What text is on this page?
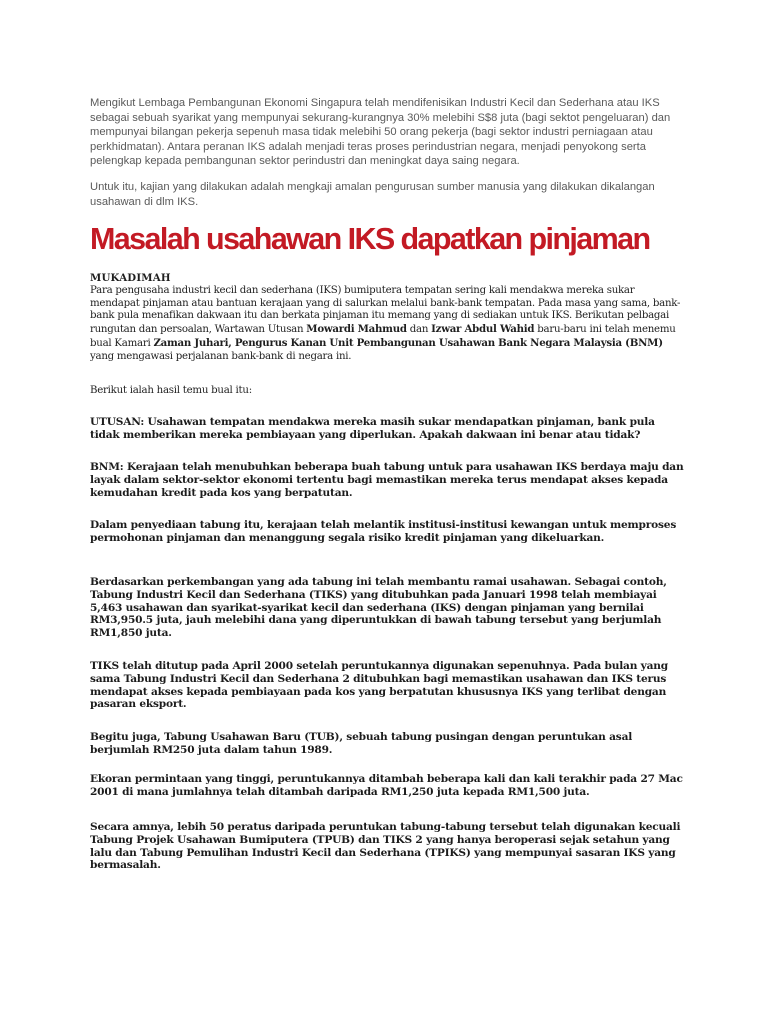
Mengikut Lembaga Pembangunan Ekonomi Singapura telah mendifenisikan Industri Kecil dan Sederhana atau IKS sebagai sebuah syarikat yang mempunyai sekurang-kurangnya 30% melebihi S$8 juta (bagi sektot pengeluaran) dan mempunyai bilangan pekerja sepenuh masa tidak melebihi 50 orang pekerja (bagi sektor industri perniagaan atau perkhidmatan). Antara peranan IKS adalah menjadi teras proses perindustrian negara, menjadi penyokong serta pelengkap kepada pembangunan sektor perindustri dan meningkat daya saing negara.

Untuk itu, kajian yang dilakukan adalah mengkaji amalan pengurusan sumber manusia yang dilakukan dikalangan usahawan di dlm IKS.

Masalah usahawan IKS dapatkan pinjaman
MUKADIMAH
Para pengusaha industri kecil dan sederhana (IKS) bumiputera tempatan sering kali mendakwa mereka sukar mendapat pinjaman atau bantuan kerajaan yang di salurkan melalui bank-bank tempatan. Pada masa yang sama, bank-bank pula menafikan dakwaan itu dan berkata pinjaman itu memang yang di sediakan untuk IKS. Berikutan pelbagai rungutan dan persoalan, Wartawan Utusan Mowardi Mahmud dan Izwar Abdul Wahid baru-baru ini telah menemu bual Kamari Zaman Juhari, Pengurus Kanan Unit Pembangunan Usahawan Bank Negara Malaysia (BNM) yang mengawasi perjalanan bank-bank di negara ini.

Berikut ialah hasil temu bual itu:

UTUSAN: Usahawan tempatan mendakwa mereka masih sukar mendapatkan pinjaman, bank pula tidak memberikan mereka pembiayaan yang diperlukan. Apakah dakwaan ini benar atau tidak?

BNM: Kerajaan telah menubuhkan beberapa buah tabung untuk para usahawan IKS berdaya maju dan layak dalam sektor-sektor ekonomi tertentu bagi memastikan mereka terus mendapat akses kepada kemudahan kredit pada kos yang berpatutan.

Dalam penyediaan tabung itu, kerajaan telah melantik institusi-institusi kewangan untuk memproses permohonan pinjaman dan menanggung segala risiko kredit pinjaman yang dikeluarkan.

Berdasarkan perkembangan yang ada tabung ini telah membantu ramai usahawan. Sebagai contoh, Tabung Industri Kecil dan Sederhana (TIKS) yang ditubuhkan pada Januari 1998 telah membiayai 5,463 usahawan dan syarikat-syarikat kecil dan sederhana (IKS) dengan pinjaman yang bernilai RM3,950.5 juta, jauh melebihi dana yang diperuntukkan di bawah tabung tersebut yang berjumlah RM1,850 juta.

TIKS telah ditutup pada April 2000 setelah peruntukannya digunakan sepenuhnya. Pada bulan yang sama Tabung Industri Kecil dan Sederhana 2 ditubuhkan bagi memastikan usahawan dan IKS terus mendapat akses kepada pembiayaan pada kos yang berpatutan khususnya IKS yang terlibat dengan pasaran eksport.

Begitu juga, Tabung Usahawan Baru (TUB), sebuah tabung pusingan dengan peruntukan asal berjumlah RM250 juta dalam tahun 1989.

Ekoran permintaan yang tinggi, peruntukannya ditambah beberapa kali dan kali terakhir pada 27 Mac 2001 di mana jumlahnya telah ditambah daripada RM1,250 juta kepada RM1,500 juta.

Secara amnya, lebih 50 peratus daripada peruntukan tabung-tabung tersebut telah digunakan kecuali Tabung Projek Usahawan Bumiputera (TPUB) dan TIKS 2 yang hanya beroperasi sejak setahun yang lalu dan Tabung Pemulihan Industri Kecil dan Sederhana (TPIKS) yang mempunyai sasaran IKS yang bermasalah.
